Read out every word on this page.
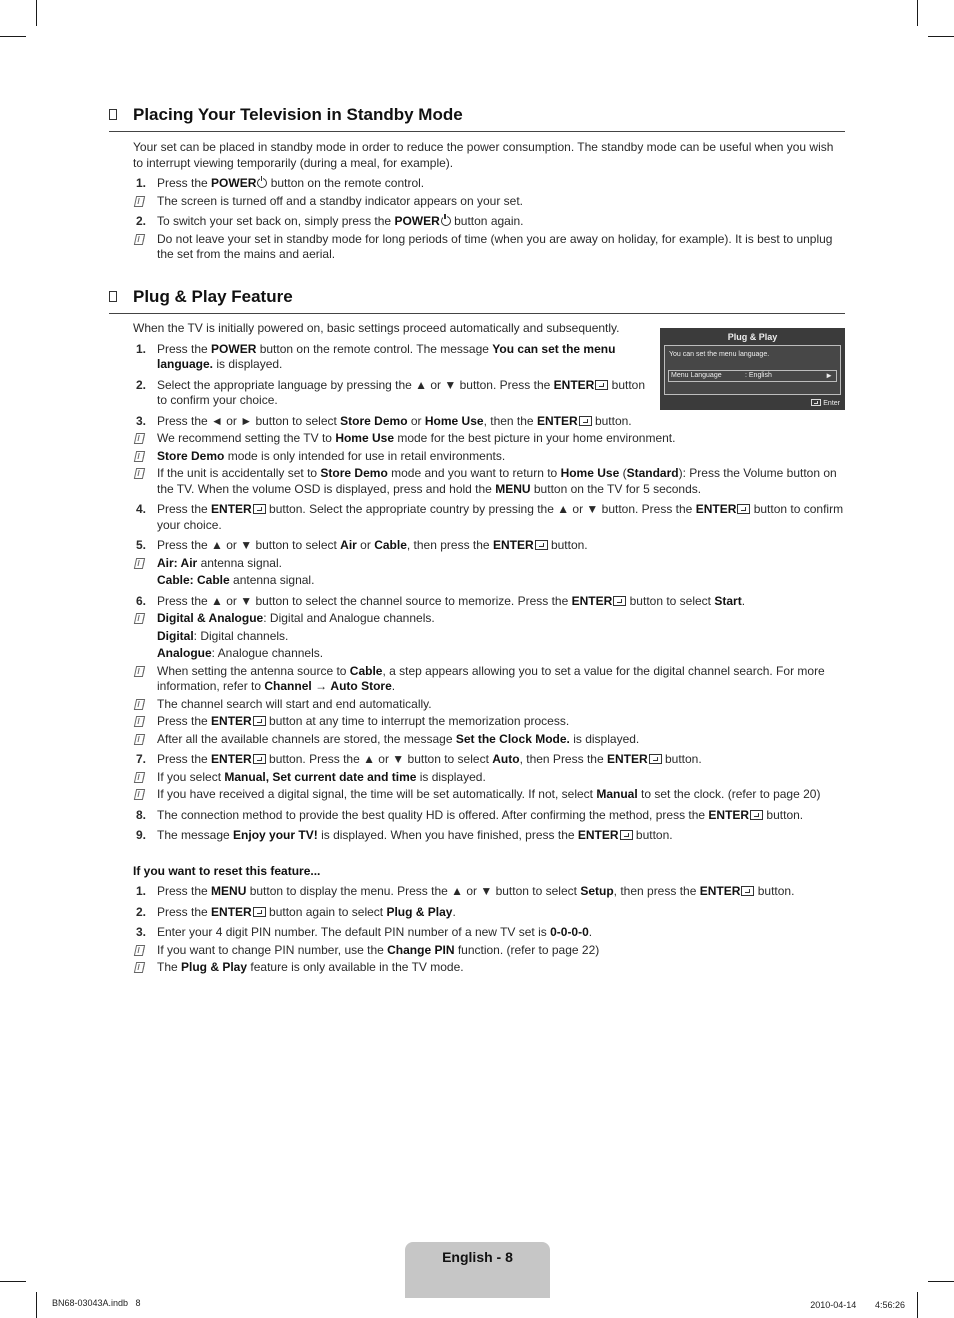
Placing Your Television in Standby Mode

Your set can be placed in standby mode in order to reduce the power consumption. The standby mode can be useful when you wish to interrupt viewing temporarily (during a meal, for example).

1. Press the POWER button on the remote control.
The screen is turned off and a standby indicator appears on your set.
2. To switch your set back on, simply press the POWER button again.
Do not leave your set in standby mode for long periods of time (when you are away on holiday, for example). It is best to unplug the set from the mains and aerial.
Plug & Play Feature
Plug & Play
You can set the menu language.
Menu Language	: English	►
Enter

When the TV is initially powered on, basic settings proceed automatically and subsequently.

1. Press the POWER button on the remote control. The message You can set the menu language. is displayed.
2. Select the appropriate language by pressing the ▲ or ▼ button. Press the ENTER button to confirm your choice.
3. Press the ◄ or ► button to select Store Demo or Home Use, then the ENTER button.
We recommend setting the TV to Home Use mode for the best picture in your home environment.
Store Demo mode is only intended for use in retail environments.
If the unit is accidentally set to Store Demo mode and you want to return to Home Use (Standard): Press the Volume button on the TV. When the volume OSD is displayed, press and hold the MENU button on the TV for 5 seconds.
4. Press the ENTER button. Select the appropriate country by pressing the ▲ or ▼ button. Press the ENTER button to confirm your choice.
5. Press the ▲ or ▼ button to select Air or Cable, then press the ENTER button.
Air: Air antenna signal.
Cable: Cable antenna signal.
6. Press the ▲ or ▼ button to select the channel source to memorize. Press the ENTER button to select Start.
Digital & Analogue: Digital and Analogue channels.
Digital: Digital channels.
Analogue: Analogue channels.
When setting the antenna source to Cable, a step appears allowing you to set a value for the digital channel search. For more information, refer to Channel → Auto Store.
The channel search will start and end automatically.
Press the ENTER button at any time to interrupt the memorization process.
After all the available channels are stored, the message Set the Clock Mode. is displayed.
7. Press the ENTER button. Press the ▲ or ▼ button to select Auto, then Press the ENTER button.
If you select Manual, Set current date and time is displayed.
If you have received a digital signal, the time will be set automatically. If not, select Manual to set the clock. (refer to page 20)
8. The connection method to provide the best quality HD is offered. After confirming the method, press the ENTER button.
9. The message Enjoy your TV! is displayed. When you have finished, press the ENTER button.
If you want to reset this feature...
1. Press the MENU button to display the menu. Press the ▲ or ▼ button to select Setup, then press the ENTER button.
2. Press the ENTER button again to select Plug & Play.
3. Enter your 4 digit PIN number. The default PIN number of a new TV set is 0-0-0-0.
If you want to change PIN number, use the Change PIN function. (refer to page 22)
The Plug & Play feature is only available in the TV mode.
English - 8
BN68-03043A.indb   8	2010-04-14   ﾠ 4:56:26
